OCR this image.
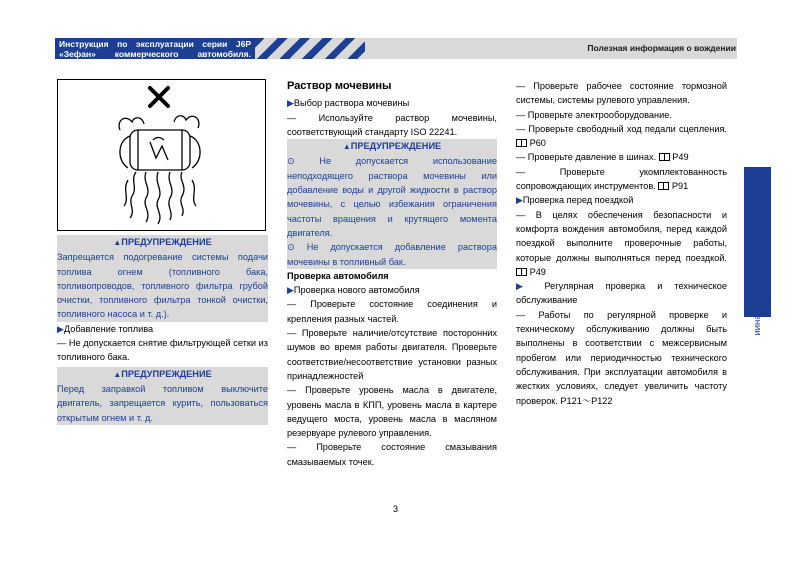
Инструкция по эксплуатации серии J6P «Зефан» коммерческого автомобиля.
Полезная информация о вождении
Полезная информация о вождении

▲ПРЕДУПРЕЖДЕНИЕ

Запрещается подогревание системы подачи топлива огнем (топливного бака, топливопроводов, топливного фильтра грубой очистки, топливного фильтра тонкой очистки, топливного насоса и т. д.).

▶Добавление топлива

— Не допускается снятие фильтрующей сетки из топливного бака.

▲ПРЕДУПРЕЖДЕНИЕ

Перед заправкой топливом выключите двигатель, запрещается курить, пользоваться открытым огнем и т. д.

Раствор мочевины

▶Выбор раствора мочевины

— Используйте раствор мочевины, соответствующий стандарту ISO 22241.

▲ПРЕДУПРЕЖДЕНИЕ

⊙ Не допускается использование неподходящего раствора мочевины или добавление воды и другой жидкости в раствор мочевины, с целью избежания ограничения частоты вращения и крутящего момента двигателя.

⊙ Не допускается добавление раствора мочевины в топливный бак.

Проверка автомобиля

▶Проверка нового автомобиля

— Проверьте состояние соединения и крепления разных частей.

— Проверьте наличие/отсутствие посторонних шумов во время работы двигателя. Проверьте соответствие/несоответствие установки разных принадлежностей

— Проверьте уровень масла в двигателе, уровень масла в КПП, уровень масла в картере ведущего моста, уровень масла в масляном резервуаре рулевого управления.

— Проверьте состояние смазывания смазываемых точек.

— Проверьте рабочее состояние тормозной системы, системы рулевого управления.

— Проверьте электрооборудование.

— Проверьте свободный ход педали сцепления.  P60

— Проверьте давление в шинах. P49

— Проверьте укомплектованность сопровождающих инструментов. P91

▶Проверка перед поездкой

— В целях обеспечения безопасности и комфорта вождения автомобиля, перед каждой поездкой выполните проверочные работы, которые должны выполняться перед поездкой.  P49

▶ Регулярная проверка и техническое обслуживание

— Работы по регулярной проверке и техническому обслуживанию должны быть выполнены в соответствии с межсервисным пробегом или периодичностью технического обслуживания. При эксплуатации автомобиля в жестких условиях, следует увеличить частоту проверок. P121～P122

3
